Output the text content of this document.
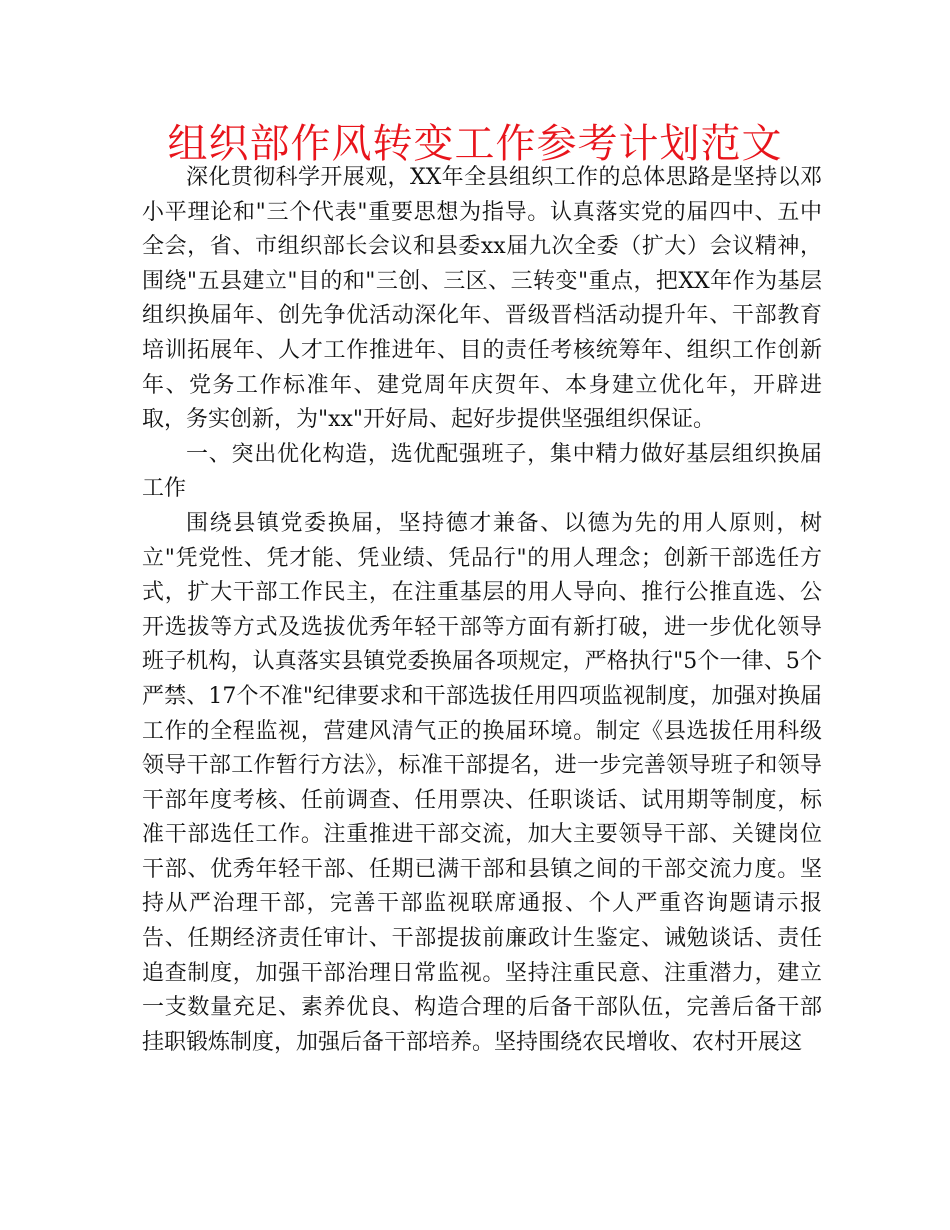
组织部作风转变工作参考计划范文

深化贯彻科学开展观，XX年全县组织工作的总体思路是坚持以邓小平理论和"三个代表"重要思想为指导。认真落实党的届四中、五中全会，省、市组织部长会议和县委xx届九次全委（扩大）会议精神，围绕"五县建立"目的和"三创、三区、三转变"重点，把XX年作为基层组织换届年、创先争优活动深化年、晋级晋档活动提升年、干部教育培训拓展年、人才工作推进年、目的责任考核统筹年、组织工作创新年、党务工作标准年、建党周年庆贺年、本身建立优化年，开辟进取，务实创新，为"xx"开好局、起好步提供坚强组织保证。

一、突出优化构造，选优配强班子，集中精力做好基层组织换届工作

围绕县镇党委换届，坚持德才兼备、以德为先的用人原则，树立"凭党性、凭才能、凭业绩、凭品行"的用人理念；创新干部选任方式，扩大干部工作民主，在注重基层的用人导向、推行公推直选、公开选拔等方式及选拔优秀年轻干部等方面有新打破，进一步优化领导班子机构，认真落实县镇党委换届各项规定，严格执行"5个一律、5个严禁、17个不准"纪律要求和干部选拔任用四项监视制度，加强对换届工作的全程监视，营建风清气正的换届环境。制定《县选拔任用科级领导干部工作暂行方法》，标准干部提名，进一步完善领导班子和领导干部年度考核、任前调查、任用票决、任职谈话、试用期等制度，标准干部选任工作。注重推进干部交流，加大主要领导干部、关键岗位干部、优秀年轻干部、任期已满干部和县镇之间的干部交流力度。坚持从严治理干部，完善干部监视联席通报、个人严重咨询题请示报告、任期经济责任审计、干部提拔前廉政计生鉴定、诫勉谈话、责任追查制度，加强干部治理日常监视。坚持注重民意、注重潜力，建立一支数量充足、素养优良、构造合理的后备干部队伍，完善后备干部挂职锻炼制度，加强后备干部培养。坚持围绕农民增收、农村开展这
